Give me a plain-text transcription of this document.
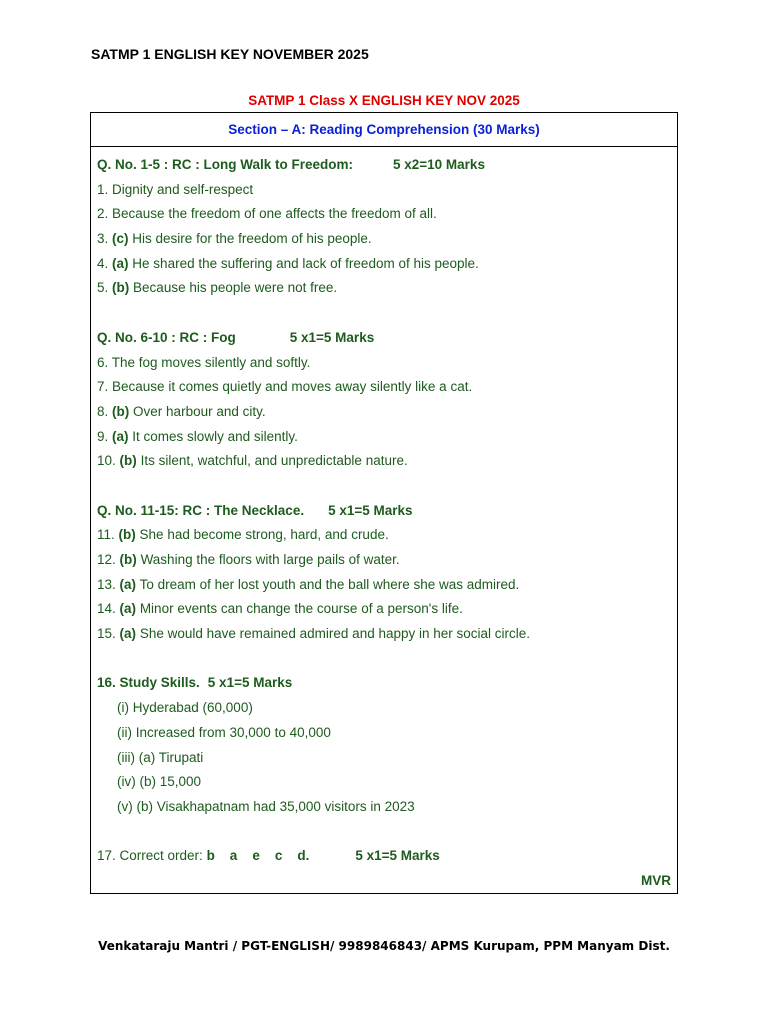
SATMP 1 ENGLISH KEY NOVEMBER 2025
SATMP 1 Class X ENGLISH KEY NOV 2025
Section – A: Reading Comprehension (30 Marks)
Q. No. 1-5 : RC : Long Walk to Freedom:	5 x2=10 Marks
1. Dignity and self-respect
2. Because the freedom of one affects the freedom of all.
3. (c) His desire for the freedom of his people.
4. (a) He shared the suffering and lack of freedom of his people.
5. (b) Because his people were not free.
Q. No. 6-10 : RC : Fog	5 x1=5 Marks
6. The fog moves silently and softly.
7. Because it comes quietly and moves away silently like a cat.
8. (b) Over harbour and city.
9. (a) It comes slowly and silently.
10. (b) Its silent, watchful, and unpredictable nature.
Q. No. 11-15: RC : The Necklace. 5 x1=5 Marks
11. (b) She had become strong, hard, and crude.
12. (b) Washing the floors with large pails of water.
13. (a) To dream of her lost youth and the ball where she was admired.
14. (a) Minor events can change the course of a person's life.
15. (a) She would have remained admired and happy in her social circle.
16. Study Skills. 5 x1=5 Marks
(i) Hyderabad (60,000)
(ii) Increased from 30,000 to 40,000
(iii) (a) Tirupati
(iv) (b) 15,000
(v) (b) Visakhapatnam had 35,000 visitors in 2023
17. Correct order: b    a    e    c    d.	5 x1=5 Marks
MVR
Venkataraju Mantri / PGT-ENGLISH/ 9989846843/ APMS Kurupam, PPM Manyam Dist.
